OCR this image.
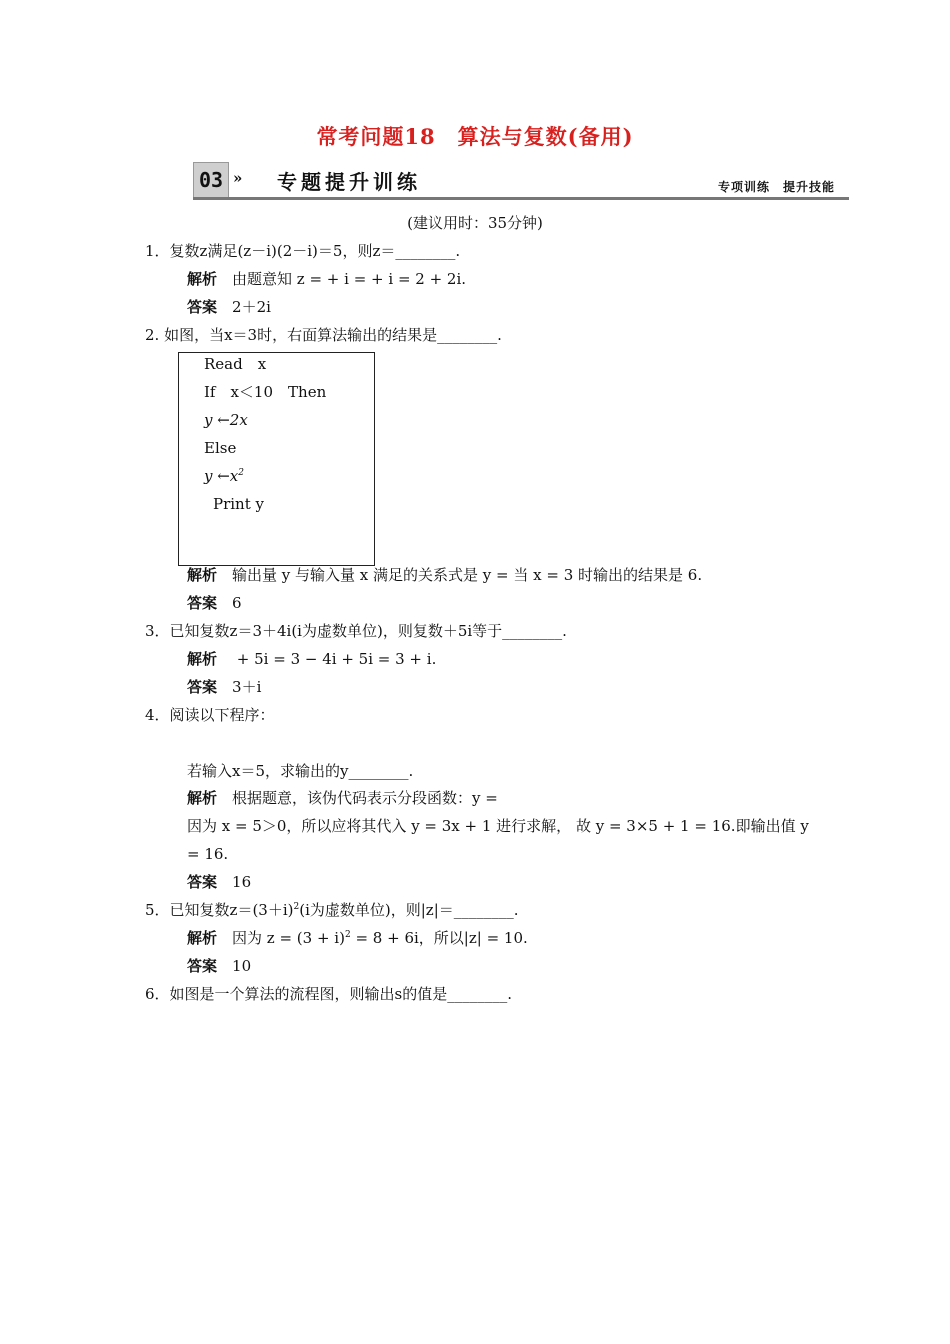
常考问题18　算法与复数(备用)
03 » 专题提升训练	专项训练　提升技能
(建议用时：35分钟)
1．复数z满足(z－i)(2－i)＝5，则z＝________.
解析　 由题意知 z = + i = + i = 2 + 2i.
答案　 2＋2i
2. 如图，当x＝3时，右面算法输出的结果是________.
Read　x
If　x＜10　Then
y ←2x
Else
y $\leftarrow x^2$
Print y
解析　 输出量 y 与输入量 x 满足的关系式是 y = 当 x = 3 时输出的结果是 6.
答案　 6
3．已知复数z＝3＋4i(i为虚数单位)，则复数＋5i等于________.
解析　 + 5i = 3 − 4i + 5i = 3 + i.
答案　 3＋i
4．阅读以下程序：
若输入x＝5，求输出的y________.
解析　 根据题意，该伪代码表示分段函数：y =
因为 x = 5＞0，所以应将其代入 y = 3x + 1 进行求解， 故 y = 3×5 + 1 = 16.即输出值 y
= 16.
答案　 16
5．已知复数$z=(3+i)^2(i$为虚数单位)，则|z|＝________.
解析　 因为 $z = (3 + i)^2 = 8 + 6i$，所以|z| = 10.
答案　 10
6．如图是一个算法的流程图，则输出s的值是________.
